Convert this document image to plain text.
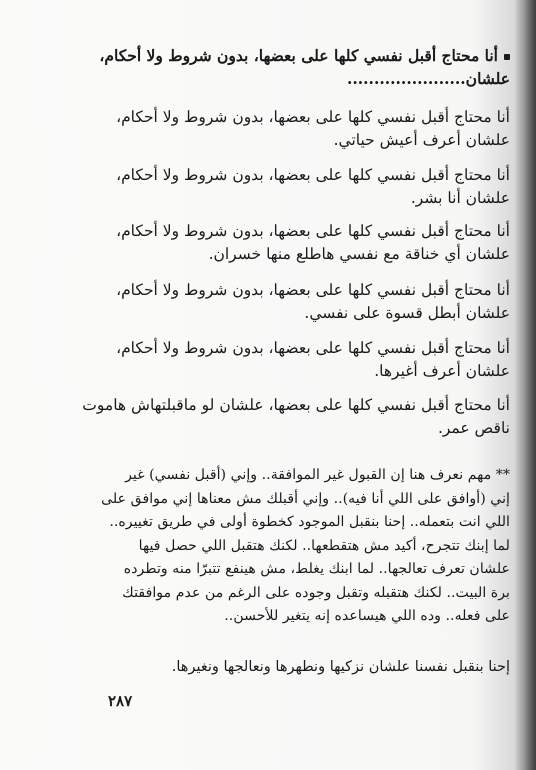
أنا محتاج أقبل نفسي كلها على بعضها، بدون شروط ولا أحكام،
علشان......................
أنا محتاج أقبل نفسي كلها على بعضها، بدون شروط ولا أحكام،
علشان أعرف أعيش حياتي.
أنا محتاج أقبل نفسي كلها على بعضها، بدون شروط ولا أحكام،
علشان أنا بشر.
أنا محتاج أقبل نفسي كلها على بعضها، بدون شروط ولا أحكام،
علشان أي خناقة مع نفسي هاطلع منها خسران.
أنا محتاج أقبل نفسي كلها على بعضها، بدون شروط ولا أحكام،
علشان أبطل قسوة على نفسي.
أنا محتاج أقبل نفسي كلها على بعضها، بدون شروط ولا أحكام،
علشان أعرف أغيرها.
أنا محتاج أقبل نفسي كلها على بعضها، علشان لو ماقبلتهاش هاموت
ناقص عمر.
** مهم نعرف هنا إن القبول غير الموافقة.. وإني (أقبل نفسي) غير
إني (أوافق على اللي أنا فيه).. وإني أقبلك مش معناها إني موافق على
اللي انت بتعمله.. إحنا بنقبل الموجود كخطوة أولى في طريق تغييره..
لما إبنك تتجرح، أكيد مش هتقطعها.. لكنك هتقبل اللي حصل فيها
علشان تعرف تعالجها.. لما ابنك يغلط، مش هينفع تتبرّا منه وتطرده
برة البيت.. لكنك هتقبله وتقبل وجوده على الرغم من عدم موافقتك
على فعله.. وده اللي هيساعده إنه يتغير للأحسن..
إحنا بنقبل نفسنا علشان نزكيها ونطهرها ونعالجها ونغيرها.
٢٨٧
